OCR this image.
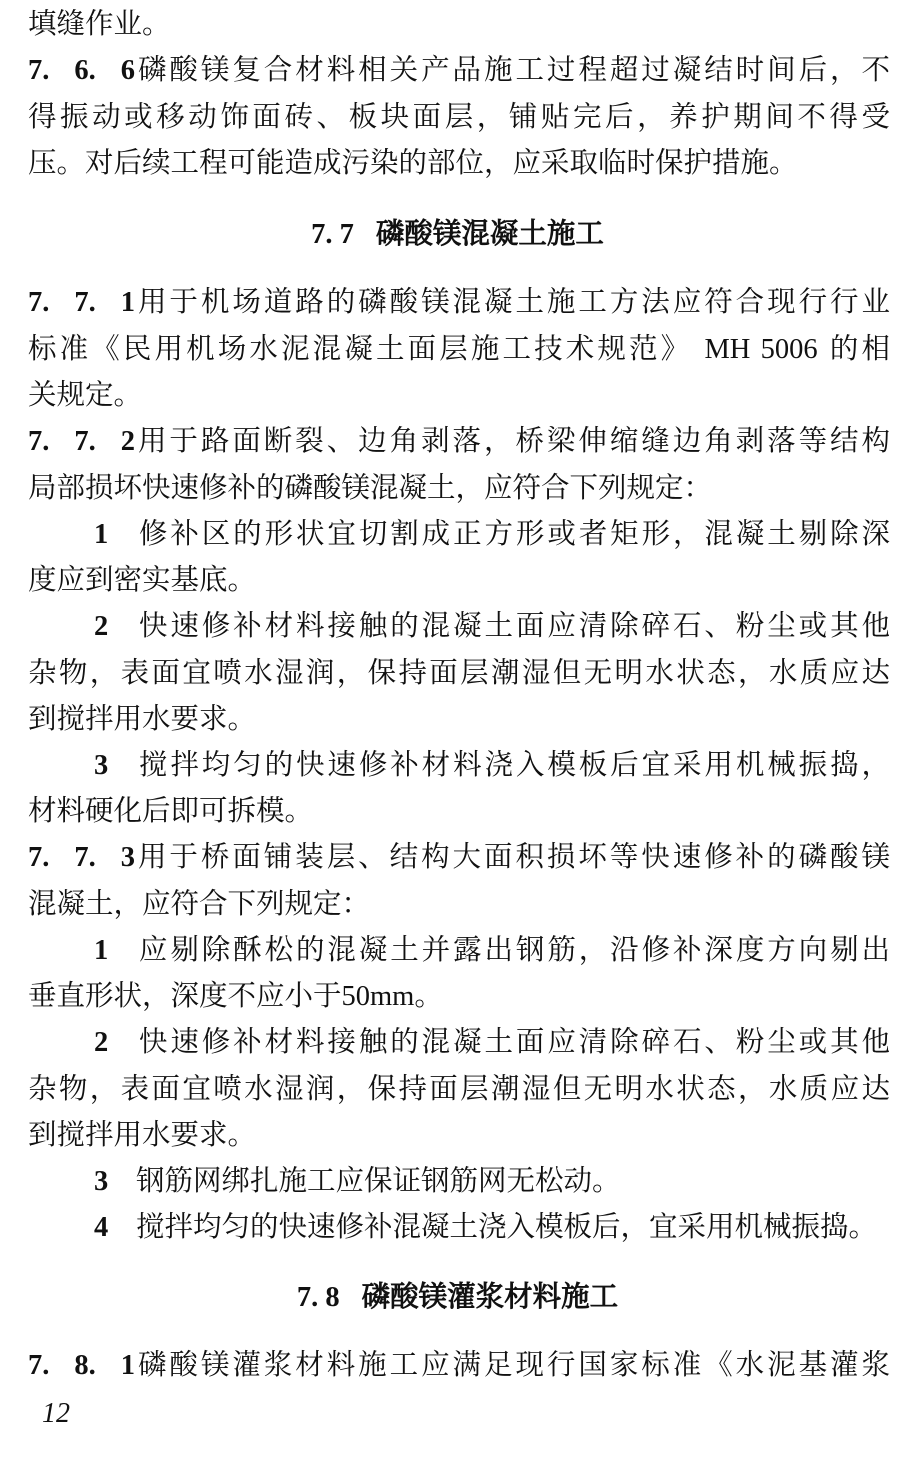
填缝作业。
7. 6. 6磷酸镁复合材料相关产品施工过程超过凝结时间后，不
得振动或移动饰面砖、板块面层，铺贴完后，养护期间不得受
压。对后续工程可能造成污染的部位，应采取临时保护措施。
7. 7 磷酸镁混凝土施工
7. 7. 1用于机场道路的磷酸镁混凝土施工方法应符合现行行业
标准《民用机场水泥混凝土面层施工技术规范》 MH 5006 的相
关规定。
7. 7. 2用于路面断裂、边角剥落，桥梁伸缩缝边角剥落等结构
局部损坏快速修补的磷酸镁混凝土，应符合下列规定：
1 修补区的形状宜切割成正方形或者矩形，混凝土剔除深
度应到密实基底。
2 快速修补材料接触的混凝土面应清除碎石、粉尘或其他
杂物，表面宜喷水湿润，保持面层潮湿但无明水状态，水质应达
到搅拌用水要求。
3 搅拌均匀的快速修补材料浇入模板后宜采用机械振捣，
材料硬化后即可拆模。
7. 7. 3用于桥面铺装层、结构大面积损坏等快速修补的磷酸镁
混凝土，应符合下列规定：
1 应剔除酥松的混凝土并露出钢筋，沿修补深度方向剔出
垂直形状，深度不应小于50mm。
2 快速修补材料接触的混凝土面应清除碎石、粉尘或其他
杂物，表面宜喷水湿润，保持面层潮湿但无明水状态，水质应达
到搅拌用水要求。
3 钢筋网绑扎施工应保证钢筋网无松动。
4 搅拌均匀的快速修补混凝土浇入模板后，宜采用机械振捣。
7. 8 磷酸镁灌浆材料施工
7. 8. 1磷酸镁灌浆材料施工应满足现行国家标准《水泥基灌浆
12
